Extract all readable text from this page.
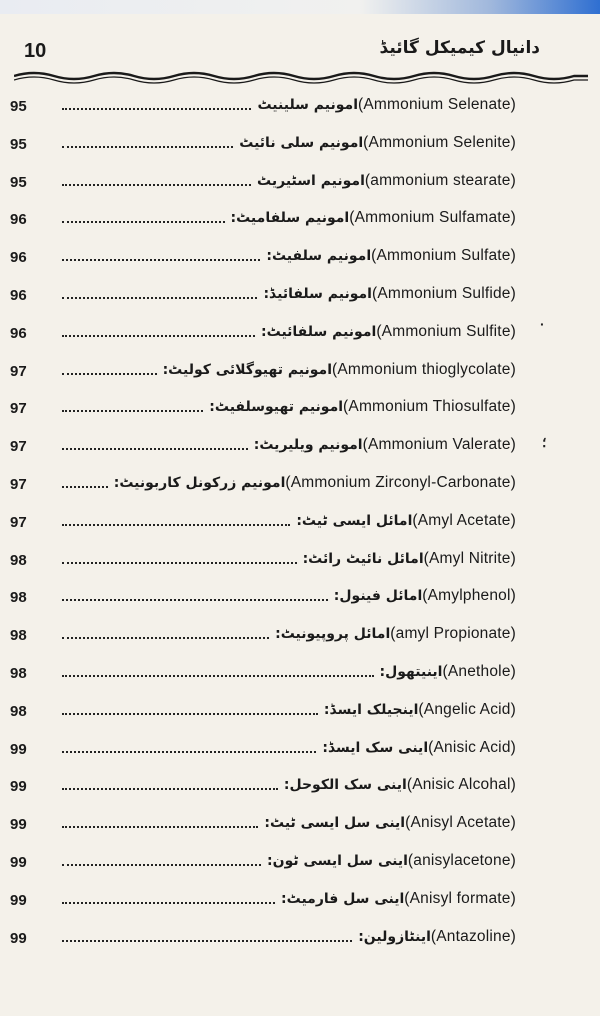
10	دانیال کیمیکل گائیڈ
95	امونیم سلینیٹ (Ammonium Selenate)
95	امونیم سلی نائیٹ (Ammonium Selenite)
95	امونیم اسٹیریٹ (ammonium stearate)
96	امونیم سلفامیٹ: (Ammonium Sulfamate)
96	امونیم سلفیٹ: (Ammonium Sulfate)
96	امونیم سلفائیڈ: (Ammonium Sulfide)
96	امونیم سلفائیٹ: (Ammonium Sulfite)
97	امونیم تھیوگلائی کولیٹ: (Ammonium thioglycolate)
97	امونیم تھیوسلفیٹ: (Ammonium Thiosulfate)
97	امونیم ویلیریٹ: (Ammonium Valerate)
97	امونیم زرکونل کاربونیٹ: (Ammonium Zirconyl-Carbonate)
97	امائل ایسی ٹیٹ: (Amyl Acetate)
98	امائل نائیٹ رائٹ: (Amyl Nitrite)
98	امائل فینول: (Amylphenol)
98	امائل پروپیونیٹ: (amyl Propionate)
98	اینیتھول: (Anethole)
98	اینجیلک ایسڈ: (Angelic Acid)
99	اینی سک ایسڈ: (Anisic Acid)
99	اینی سک الکوحل: (Anisic Alcohal)
99	اینی سل ایسی ٹیٹ: (Anisyl Acetate)
99	اینی سل ایسی ٹون: (anisylacetone)
99	اینی سل فارمیٹ: (Anisyl formate)
99	اینٹازولین: (Antazoline)
·
؛
